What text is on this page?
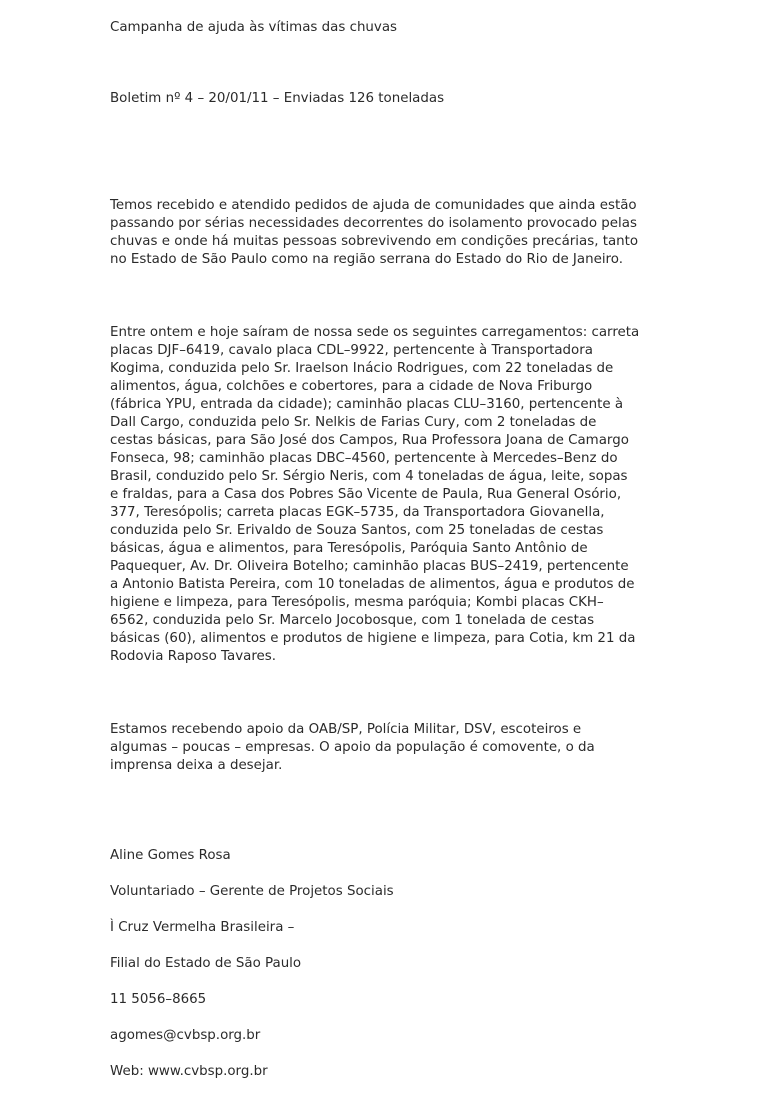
Campanha de ajuda às vítimas das chuvas

Boletim nº 4 – 20/01/11 – Enviadas 126 toneladas

Temos recebido e atendido pedidos de ajuda de comunidades que ainda estão
passando por sérias necessidades decorrentes do isolamento provocado pelas
chuvas e onde há muitas pessoas sobrevivendo em condições precárias, tanto
no Estado de São Paulo como na região serrana do Estado do Rio de Janeiro.

Entre ontem e hoje saíram de nossa sede os seguintes carregamentos: carreta
placas DJF–6419, cavalo placa CDL–9922, pertencente à Transportadora
Kogima, conduzida pelo Sr. Iraelson Inácio Rodrigues, com 22 toneladas de
alimentos, água, colchões e cobertores, para a cidade de Nova Friburgo
(fábrica YPU, entrada da cidade); caminhão placas CLU–3160, pertencente à
Dall Cargo, conduzida pelo Sr. Nelkis de Farias Cury, com 2 toneladas de
cestas básicas, para São José dos Campos, Rua Professora Joana de Camargo
Fonseca, 98; caminhão placas DBC–4560, pertencente à Mercedes–Benz do
Brasil, conduzido pelo Sr. Sérgio Neris, com 4 toneladas de água, leite, sopas
e fraldas, para a Casa dos Pobres São Vicente de Paula, Rua General Osório,
377, Teresópolis; carreta placas EGK–5735, da Transportadora Giovanella,
conduzida pelo Sr. Erivaldo de Souza Santos, com 25 toneladas de cestas
básicas, água e alimentos, para Teresópolis, Paróquia Santo Antônio de
Paquequer, Av. Dr. Oliveira Botelho; caminhão placas BUS–2419, pertencente
a Antonio Batista Pereira, com 10 toneladas de alimentos, água e produtos de
higiene e limpeza, para Teresópolis, mesma paróquia; Kombi placas CKH–
6562, conduzida pelo Sr. Marcelo Jocobosque, com 1 tonelada de cestas
básicas (60), alimentos e produtos de higiene e limpeza, para Cotia, km 21 da
Rodovia Raposo Tavares.

Estamos recebendo apoio da OAB/SP, Polícia Militar, DSV, escoteiros e
algumas – poucas – empresas. O apoio da população é comovente, o da
imprensa deixa a desejar.

Aline Gomes Rosa

Voluntariado – Gerente de Projetos Sociais

Ì Cruz Vermelha Brasileira –

Filial do Estado de São Paulo

11 5056–8665

agomes@cvbsp.org.br

Web: www.cvbsp.org.br
